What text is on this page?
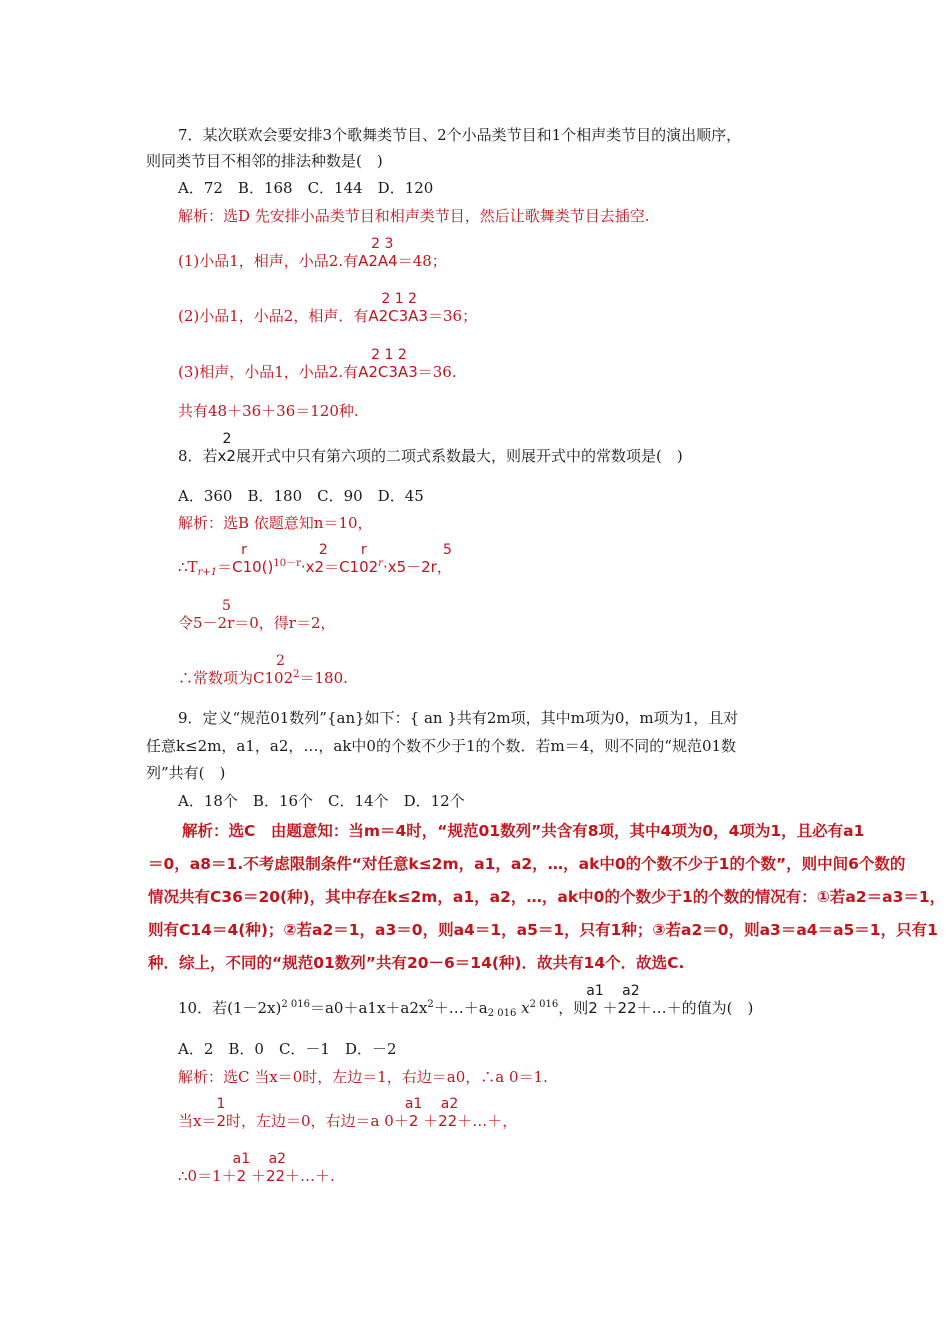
7．某次联欢会要安排3个歌舞类节目、2个小品类节目和1个相声类节目的演出顺序，
则同类节目不相邻的排法种数是(　)
A．72　B．168　C．144　D．120
解析：选D 先安排小品类节目和相声类节目，然后让歌舞类节目去插空.
(1)小品1，相声，小品2.有
2 3
A2A4＝48；
(2)小品1，小品2，相声．有
2 1 2
A2C3A3＝36；
(3)相声，小品1，小品2.有
2 1 2
A2C3A3＝36.
共有48＋36＋36＝120种.
8．若
2
x2展开式中只有第六项的二项式系数最大，则展开式中的常数项是(　)
A．360　B．180　C．90　D．45
解析：选B 依题意知n＝10，
$\therefore T_{r+1}$
r
＝C10()$^{10-r}$
2 r
$\cdot x2=C102^r$
5
·x5－2r，
5
令5－2r＝0，得r＝2，
2
∴常数项为$C102^2=180$.
9．定义“规范01数列”{an}如下：{ an }共有2m项，其中m项为0，m项为1，且对
任意k≤2m，a1，a2，…，ak中0的个数不少于1的个数．若m＝4，则不同的“规范01数
列”共有(　)
A．18个　B．16个　C．14个　D．12个
解析：选C　由题意知：当m＝4时，“规范01数列”共含有8项，其中4项为0，4项为1，且必有a1
＝0，a8＝1.不考虑限制条件“对任意k≤2m，a1，a2，…，ak中0的个数不少于1的个数”，则中间6个数的
情况共有C36＝20(种)，其中存在k≤2m，a1，a2，…，ak中0的个数少于1的个数的情况有：①若a2＝a3＝1，
则有C14＝4(种)；②若a2＝1，a3＝0，则a4＝1，a5＝1，只有1种；③若a2＝0，则a3＝a4＝a5＝1，只有1
种．综上，不同的“规范01数列”共有20－6＝14(种)．故共有14个．故选C.
10．若$(1-2x)^{2 016}=a0+a1x+a2x^2+\dots+a_{2 016}$ $x^{2 016}$，则
a1　 a2
2 ＋22＋…＋的值为(　)
A．2　B．0　C．－1　D．－2
解析：选C 当x＝0时，左边＝1，右边＝a0，∴a 0＝1.
当x＝
1
2时，左边＝0，右边＝a 0＋
a1　 a2
2 ＋22＋…＋，
∴0＝1＋
a1　 a2
2 ＋22＋…＋.
